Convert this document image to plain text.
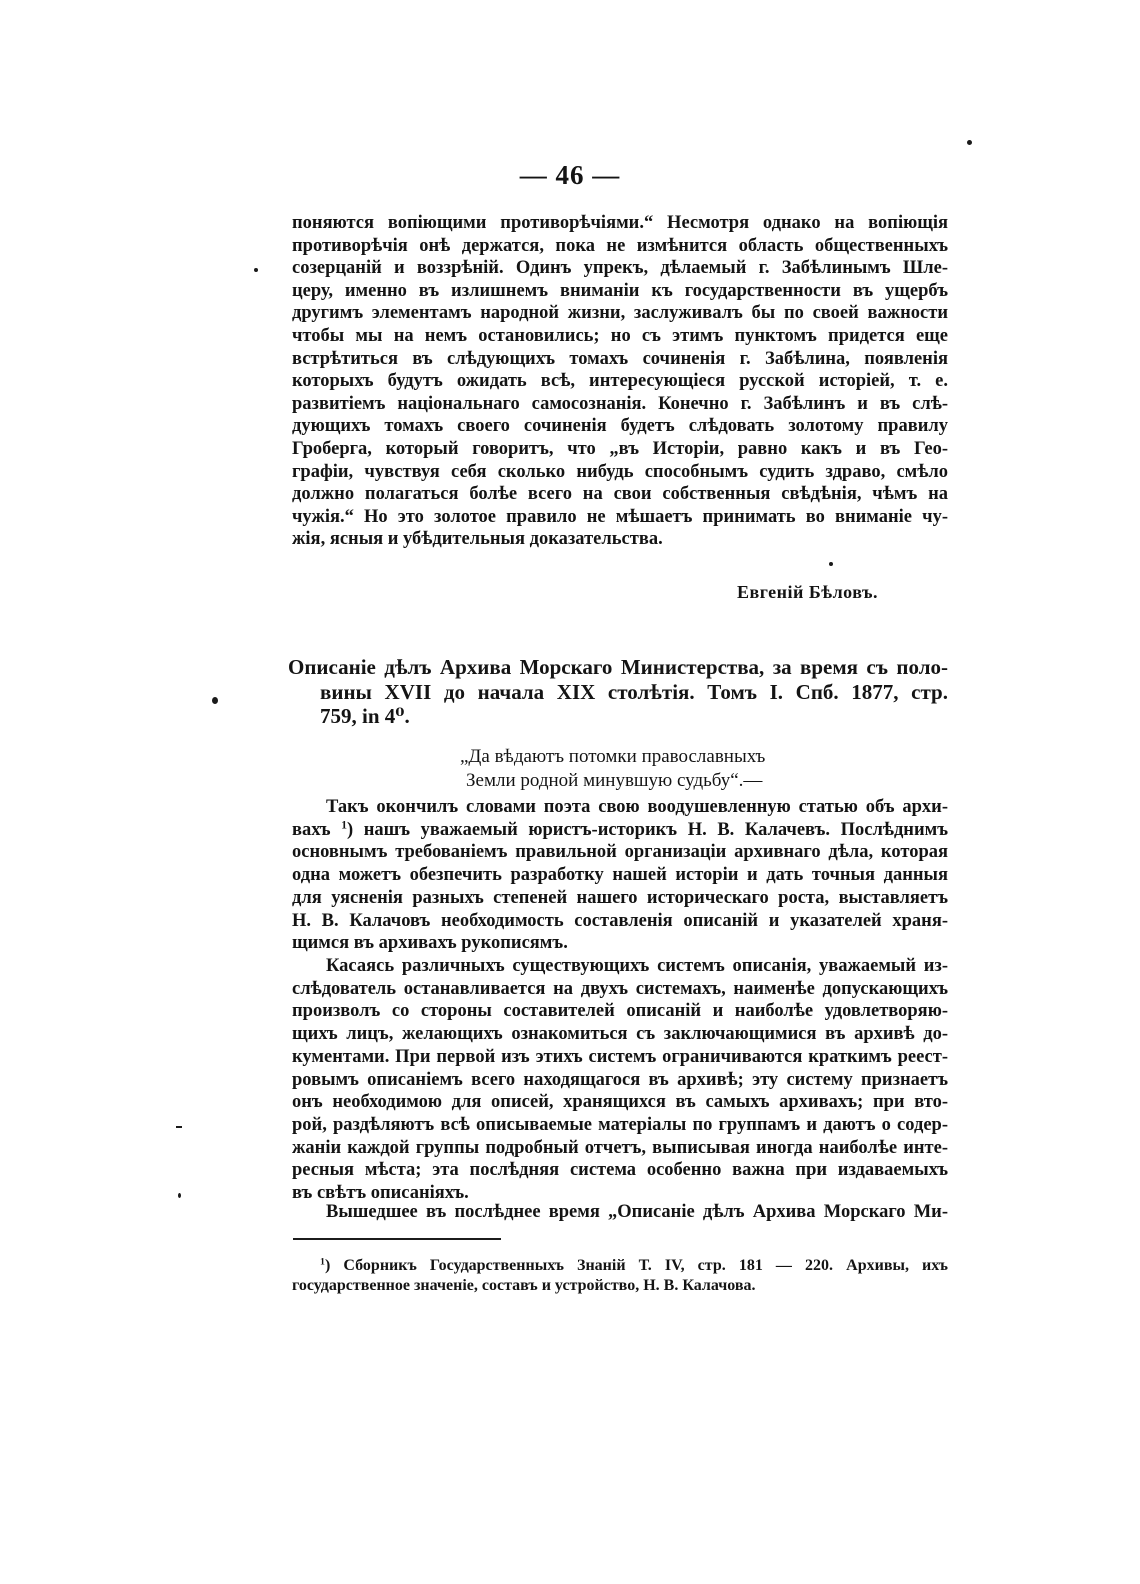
— 46 —
поняются вопіющими противорѣчіями.“ Несмотря однако на вопіющія
противорѣчія онѣ держатся, пока не измѣнится область общественныхъ
созерцаній и воззрѣній. Одинъ упрекъ, дѣлаемый г. Забѣлинымъ Шле-
церу, именно въ излишнемъ вниманіи къ государственности въ ущербъ
другимъ элементамъ народной жизни, заслуживалъ бы по своей важности
чтобы мы на немъ остановились; но съ этимъ пунктомъ придется еще
встрѣтиться въ слѣдующихъ томахъ сочиненія г. Забѣлина, появленія
которыхъ будутъ ожидать всѣ, интересующіеся русской исторіей, т. е.
развитіемъ національнаго самосознанія. Конечно г. Забѣлинъ и въ слѣ-
дующихъ томахъ своего сочиненія будетъ слѣдовать золотому правилу
Гроберга, который говоритъ, что „въ Исторіи, равно какъ и въ Гео-
графіи, чувствуя себя сколько нибудь способнымъ судить здраво, смѣло
должно полагаться болѣе всего на свои собственныя свѣдѣнія, чѣмъ на
чужія.“ Но это золотое правило не мѣшаетъ принимать во вниманіе чу-
жія, ясныя и убѣдительныя доказательства.
Евгеній Бѣловъ.
Описаніе дѣлъ Архива Морскаго Министерства, за время съ поло-
вины XVII до начала XIX столѣтія. Томъ I. Спб. 1877, стр.
759, in 4⁰.
„Да вѣдаютъ потомки православныхъ
Земли родной минувшую судьбу“.—
Такъ окончилъ словами поэта свою воодушевленную статью объ архи-
вахъ $^1$) нашъ уважаемый юристъ-историкъ Н. В. Калачевъ. Послѣднимъ
основнымъ требованіемъ правильной организаціи архивнаго дѣла, которая
одна можетъ обезпечить разработку нашей исторіи и дать точныя данныя
для уясненія разныхъ степеней нашего историческаго роста, выставляетъ
Н. В. Калачовъ необходимость составленія описаній и указателей храня-
щимся въ архивахъ рукописямъ.
Касаясь различныхъ существующихъ системъ описанія, уважаемый из-
слѣдователь останавливается на двухъ системахъ, наименѣе допускающихъ
произволъ со стороны составителей описаній и наиболѣе удовлетворяю-
щихъ лицъ, желающихъ ознакомиться съ заключающимися въ архивѣ до-
кументами. При первой изъ этихъ системъ ограничиваются краткимъ реест-
ровымъ описаніемъ всего находящагося въ архивѣ; эту систему признаетъ
онъ необходимою для описей, хранящихся въ самыхъ архивахъ; при вто-
рой, раздѣляютъ всѣ описываемые матеріалы по группамъ и даютъ о содер-
жаніи каждой группы подробный отчетъ, выписывая иногда наиболѣе инте-
ресныя мѣста; эта послѣдняя система особенно важна при издаваемыхъ
въ свѣтъ описаніяхъ.
Вышедшее въ послѣднее время „Описаніе дѣлъ Архива Морскаго Ми-
$^1$) Сборникъ Государственныхъ Знаній Т. IV, стр. 181 — 220. Архивы, ихъ
государственное значеніе, составъ и устройство, Н. В. Калачова.
